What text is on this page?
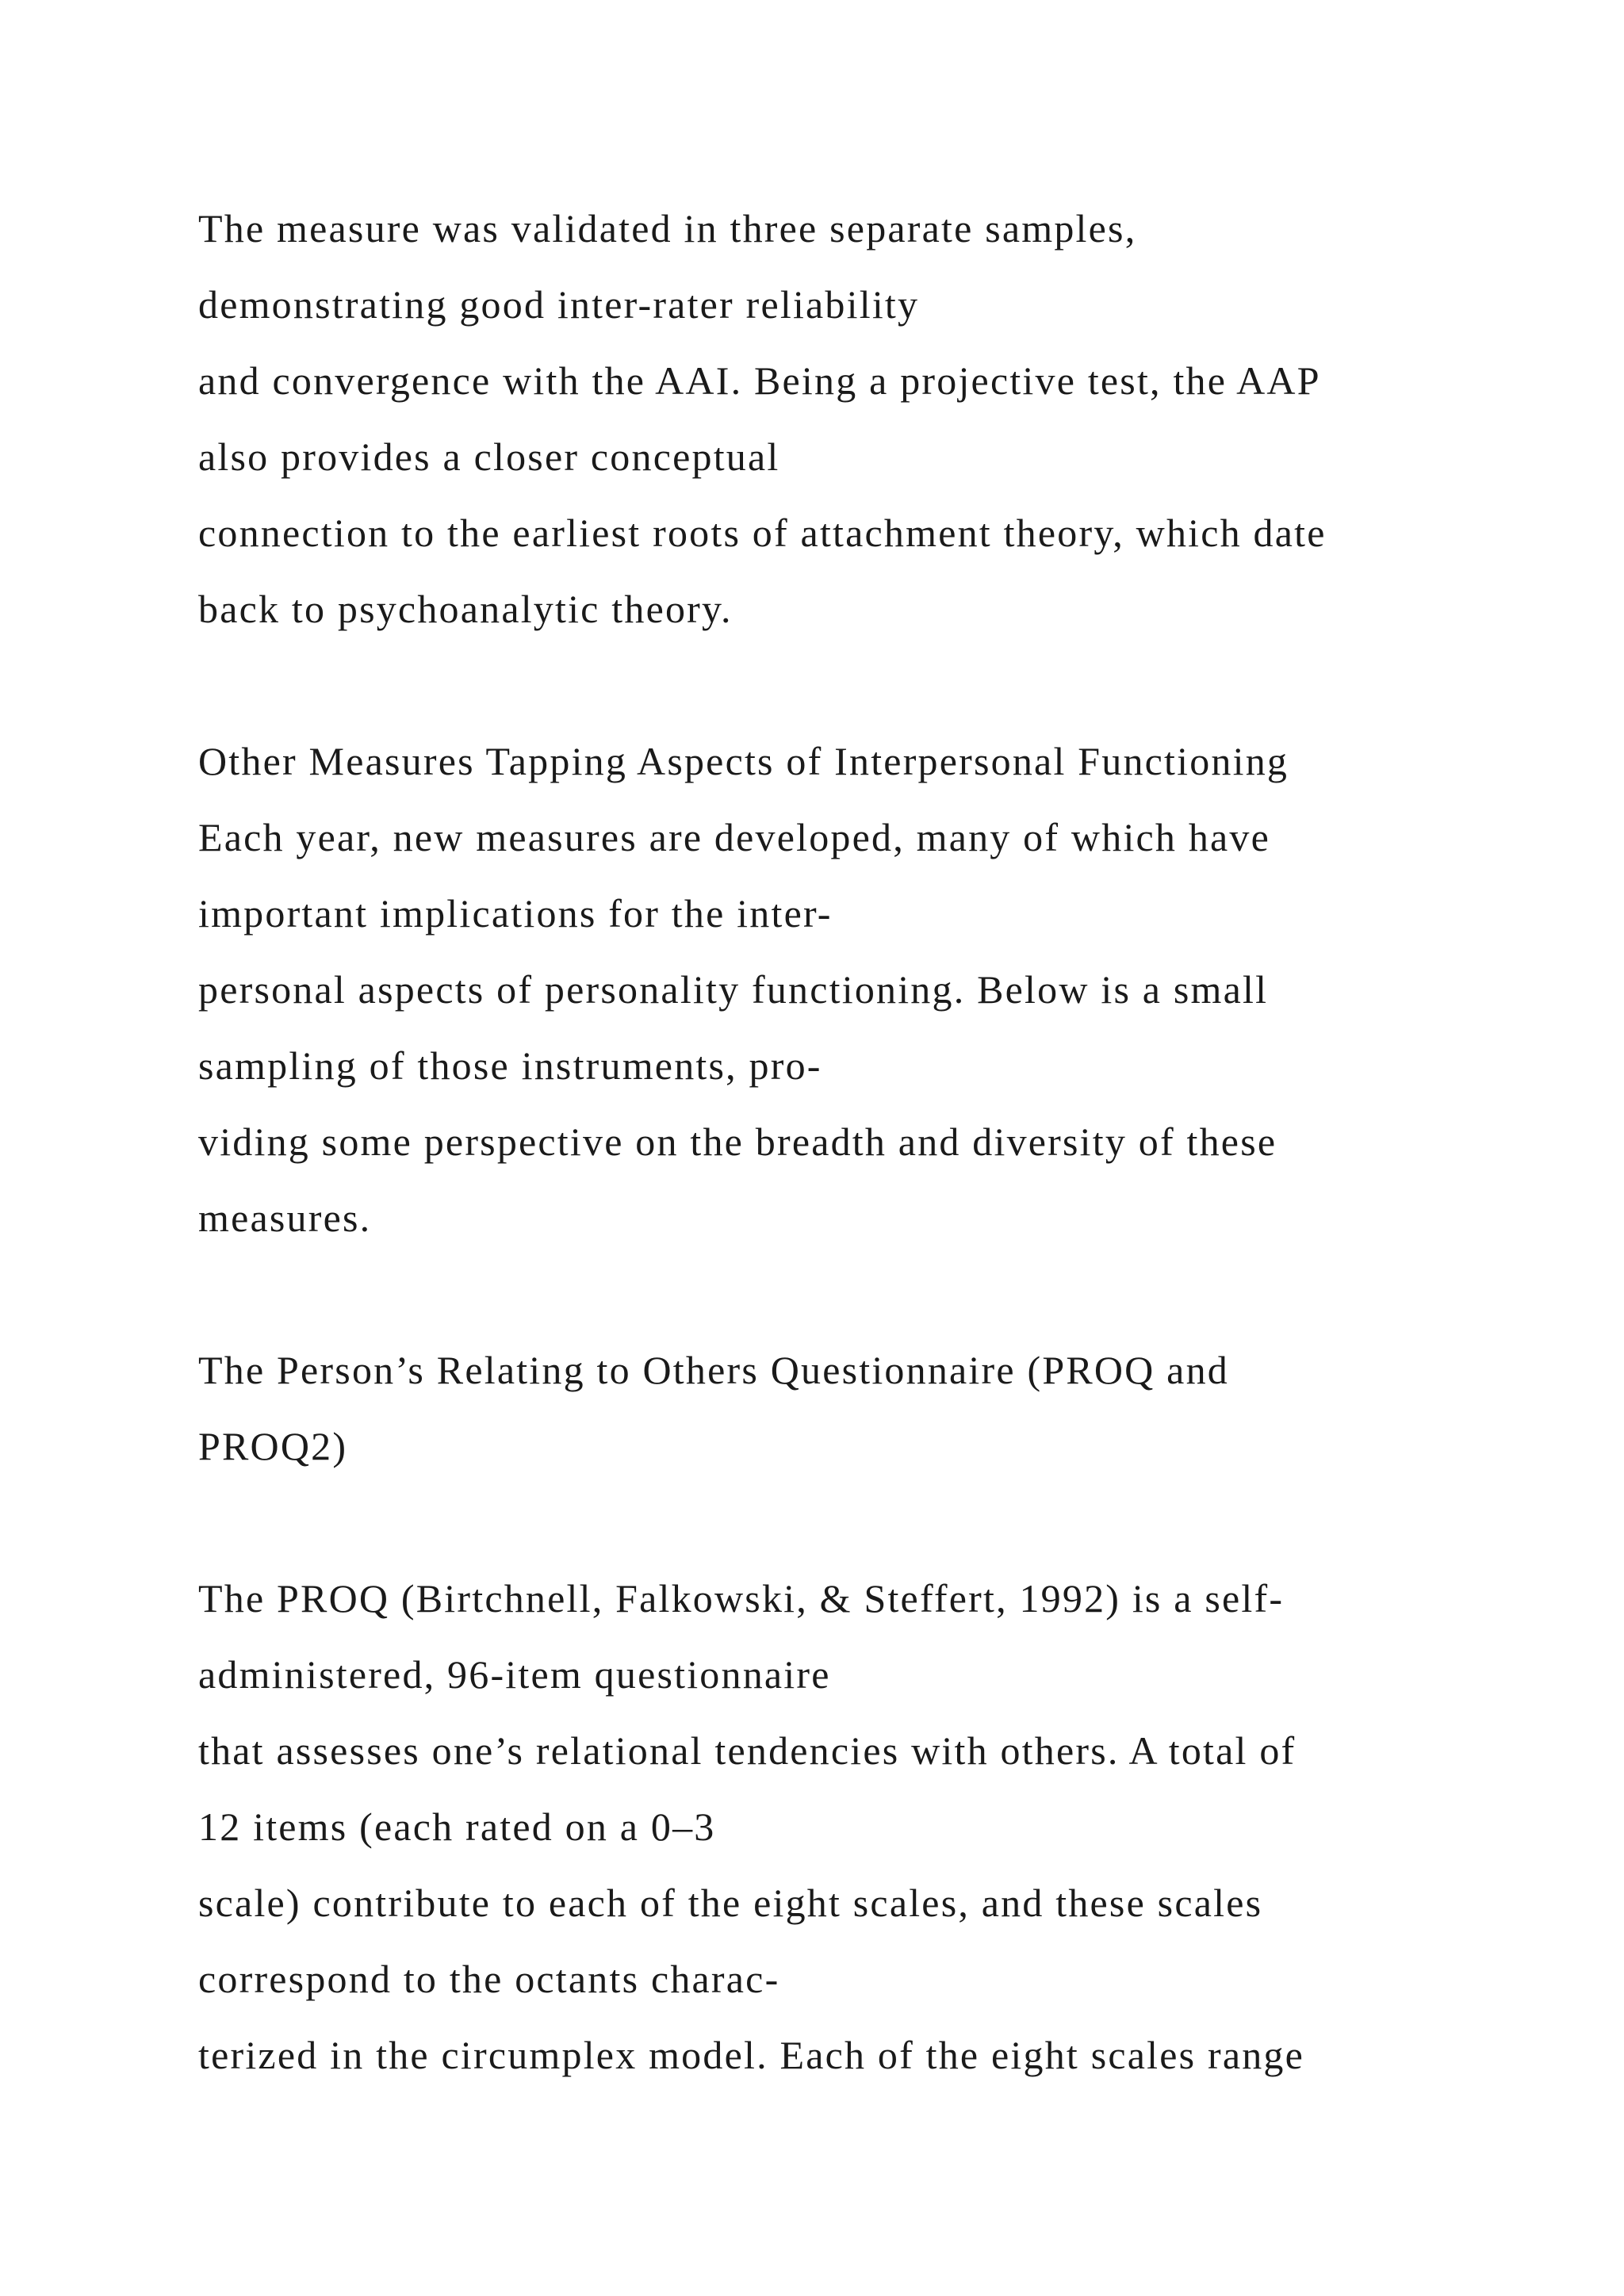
The measure was validated in three separate samples,
demonstrating good inter-rater reliability
and convergence with the AAI. Being a projective test, the AAP
also provides a closer conceptual
connection to the earliest roots of attachment theory, which date
back to psychoanalytic theory.
Other Measures Tapping Aspects of Interpersonal Functioning
Each year, new measures are developed, many of which have
important implications for the inter-
personal aspects of personality functioning. Below is a small
sampling of those instruments, pro-
viding some perspective on the breadth and diversity of these
measures.
The Person’s Relating to Others Questionnaire (PROQ and
PROQ2)
The PROQ (Birtchnell, Falkowski, & Steffert, 1992) is a self-
administered, 96-item questionnaire
that assesses one’s relational tendencies with others. A total of
12 items (each rated on a 0–3
scale) contribute to each of the eight scales, and these scales
correspond to the octants charac-
terized in the circumplex model. Each of the eight scales range
